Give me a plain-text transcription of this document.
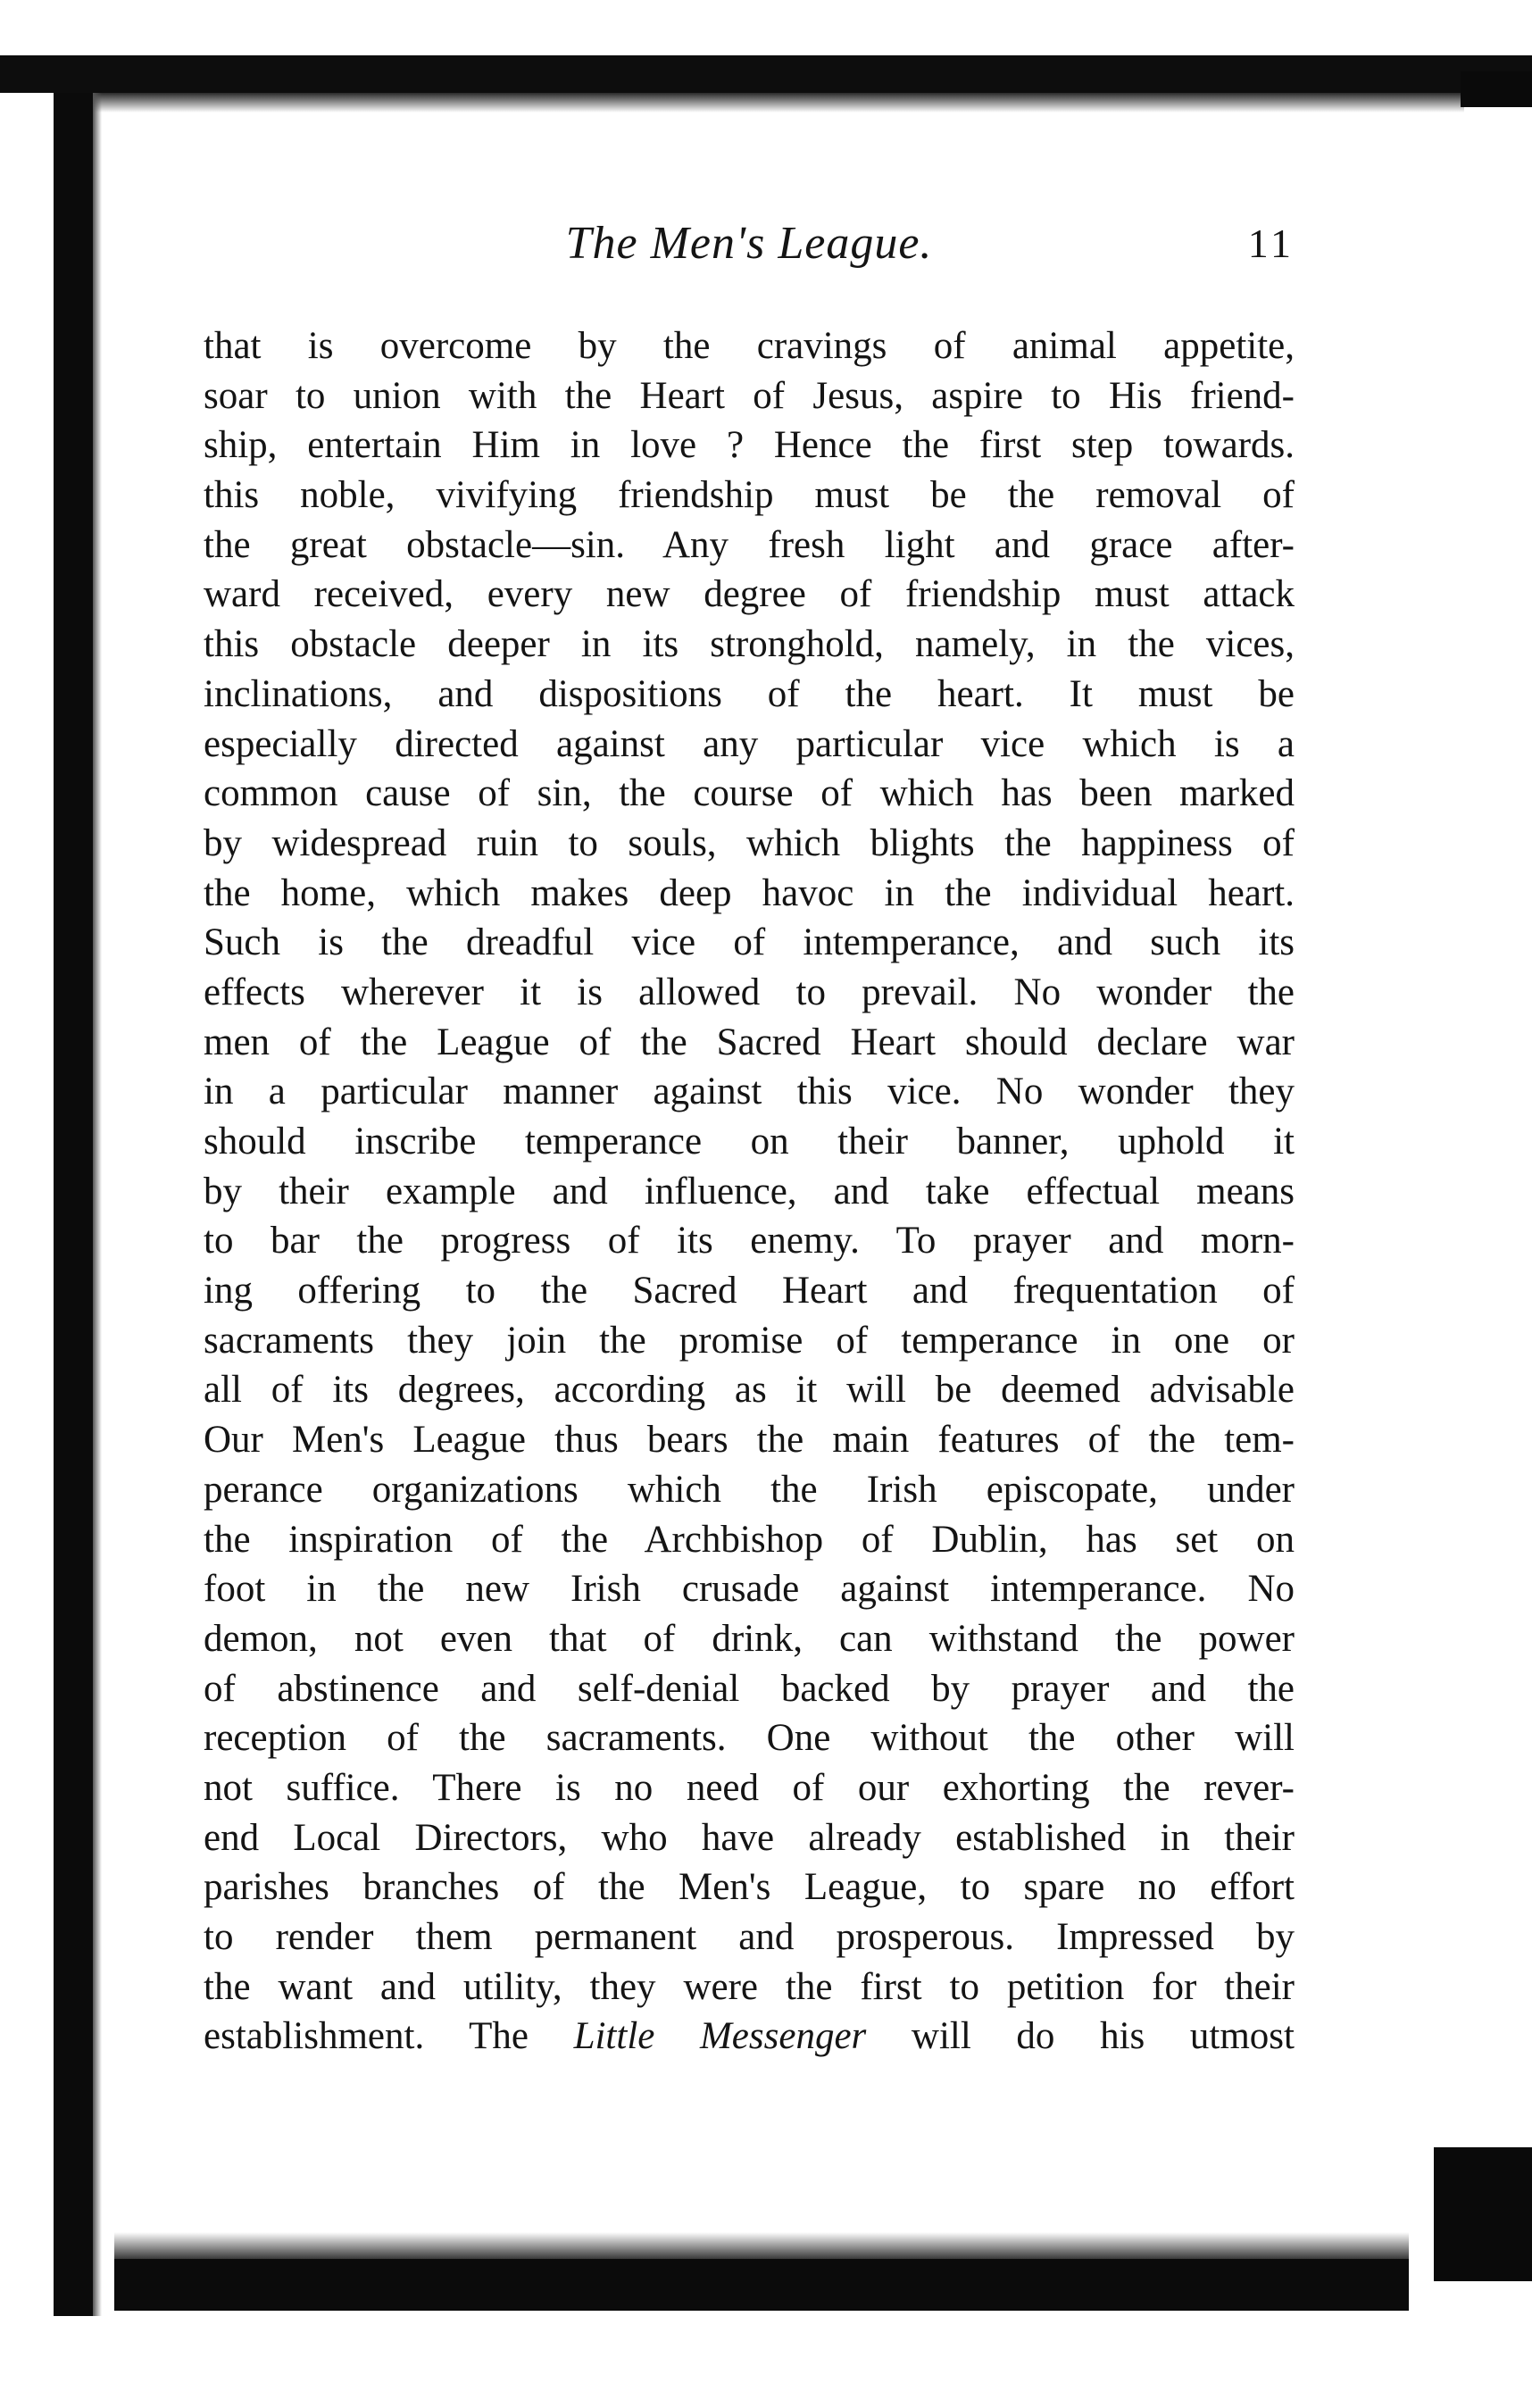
The Men's League.	11
that is overcome by the cravings of animal appetite,
soar to union with the Heart of Jesus, aspire to His friend-
ship, entertain Him in love ? Hence the first step towards.
this noble, vivifying friendship must be the removal of
the great obstacle—sin. Any fresh light and grace after-
ward received, every new degree of friendship must attack
this obstacle deeper in its stronghold, namely, in the vices,
inclinations, and dispositions of the heart. It must be
especially directed against any particular vice which is a
common cause of sin, the course of which has been marked
by widespread ruin to souls, which blights the happiness of
the home, which makes deep havoc in the individual heart.
Such is the dreadful vice of intemperance, and such its
effects wherever it is allowed to prevail. No wonder the
men of the League of the Sacred Heart should declare war
in a particular manner against this vice. No wonder they
should inscribe temperance on their banner, uphold it
by their example and influence, and take effectual means
to bar the progress of its enemy. To prayer and morn-
ing offering to the Sacred Heart and frequentation of
sacraments they join the promise of temperance in one or
all of its degrees, according as it will be deemed advisable
Our Men's League thus bears the main features of the tem-
perance organizations which the Irish episcopate, under
the inspiration of the Archbishop of Dublin, has set on
foot in the new Irish crusade against intemperance. No
demon, not even that of drink, can withstand the power
of abstinence and self-denial backed by prayer and the
reception of the sacraments. One without the other will
not suffice. There is no need of our exhorting the rever-
end Local Directors, who have already established in their
parishes branches of the Men's League, to spare no effort
to render them permanent and prosperous. Impressed by
the want and utility, they were the first to petition for their
establishment. The Little Messenger will do his utmost
